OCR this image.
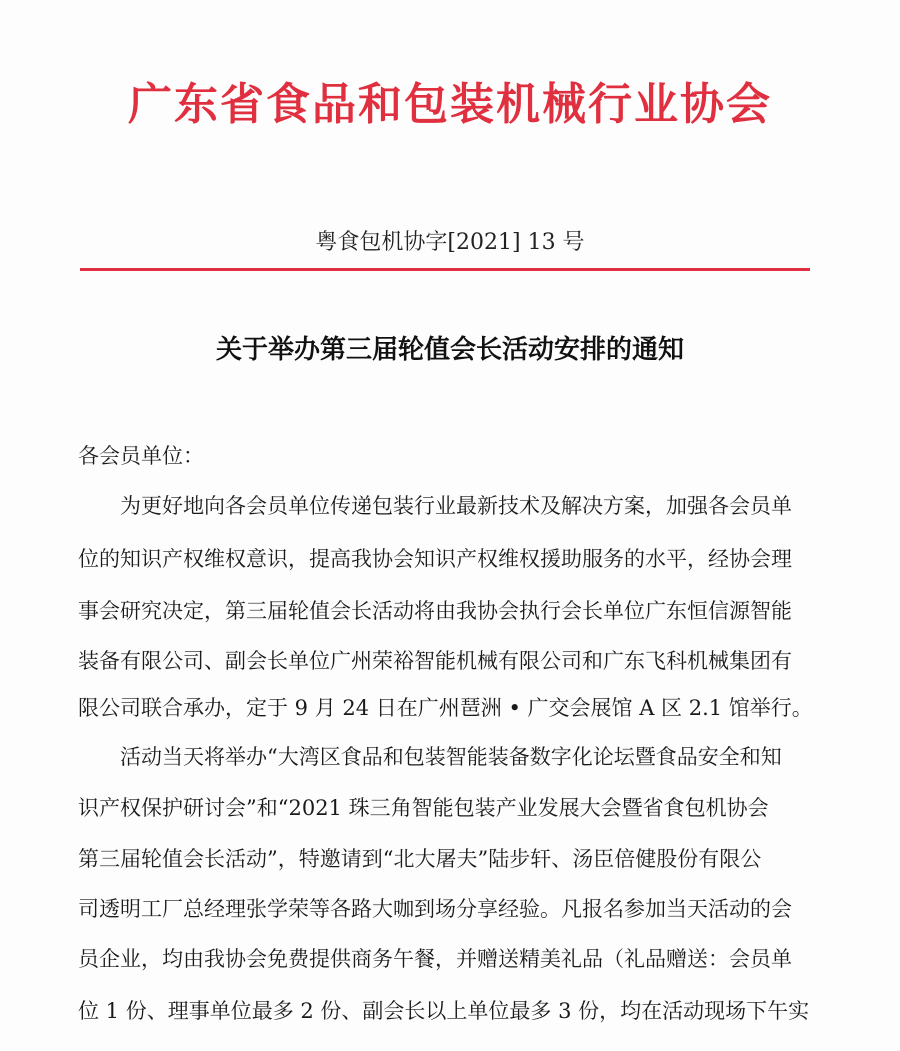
广东省食品和包装机械行业协会
粤食包机协字[2021] 13 号
关于举办第三届轮值会长活动安排的通知
各会员单位：
为更好地向各会员单位传递包装行业最新技术及解决方案，加强各会员单
位的知识产权维权意识，提高我协会知识产权维权援助服务的水平，经协会理
事会研究决定，第三届轮值会长活动将由我协会执行会长单位广东恒信源智能
装备有限公司、副会长单位广州荣裕智能机械有限公司和广东飞科机械集团有
限公司联合承办，定于 9 月 24 日在广州琶洲 • 广交会展馆 A 区 2.1 馆举行。
活动当天将举办“大湾区食品和包装智能装备数字化论坛暨食品安全和知
识产权保护研讨会”和“2021 珠三角智能包装产业发展大会暨省食包机协会
第三届轮值会长活动”，特邀请到“北大屠夫”陆步轩、汤臣倍健股份有限公
司透明工厂总经理张学荣等各路大咖到场分享经验。凡报名参加当天活动的会
员企业，均由我协会免费提供商务午餐，并赠送精美礼品（礼品赠送：会员单
位 1 份、理事单位最多 2 份、副会长以上单位最多 3 份，均在活动现场下午实
